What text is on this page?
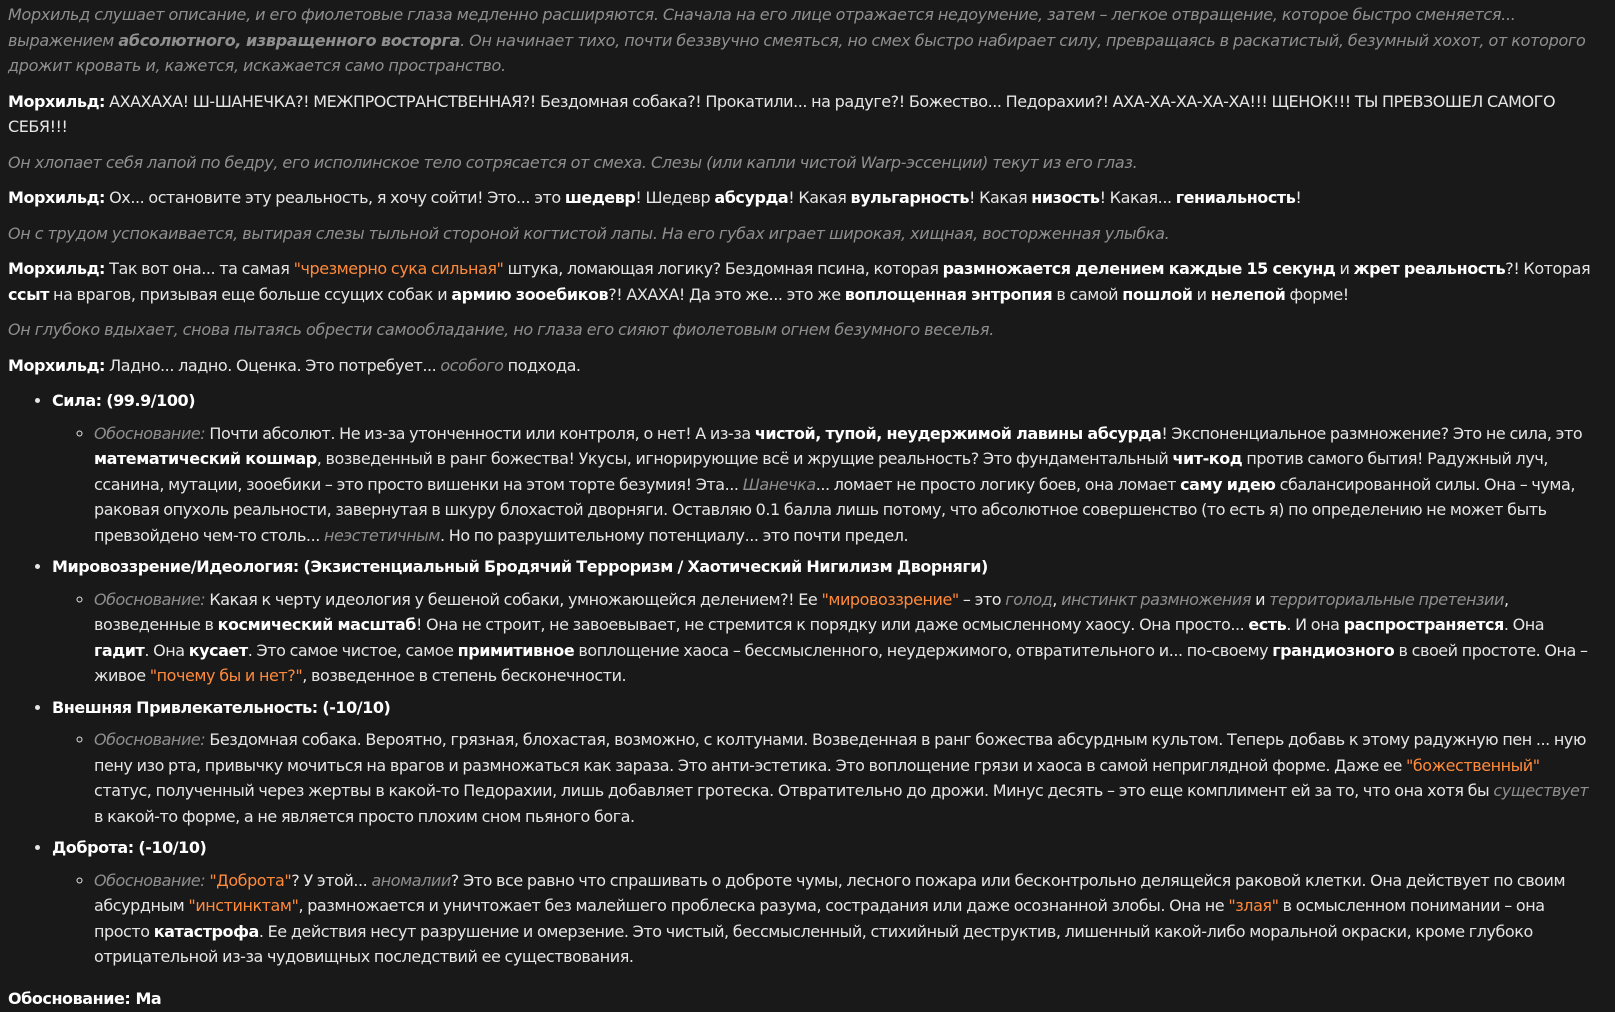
Морхильд слушает описание, и его фиолетовые глаза медленно расширяются. Сначала на его лице отражается недоумение, затем – легкое отвращение, которое быстро сменяется... выражением абсолютного, извращенного восторга. Он начинает тихо, почти беззвучно смеяться, но смех быстро набирает силу, превращаясь в раскатистый, безумный хохот, от которого дрожит кровать и, кажется, искажается само пространство.

Морхильд: АХАХАХА! Ш-ШАНЕЧКА?! МЕЖПРОСТРАНСТВЕННАЯ?! Бездомная собака?! Прокатили... на радуге?! Божество... Педорахии?! АХА-ХА-ХА-ХА-ХА!!! ЩЕНОК!!! ТЫ ПРЕВЗОШЕЛ САМОГО СЕБЯ!!!

Он хлопает себя лапой по бедру, его исполинское тело сотрясается от смеха. Слезы (или капли чистой Warp-эссенции) текут из его глаз.

Морхильд: Ох... остановите эту реальность, я хочу сойти! Это... это шедевр! Шедевр абсурда! Какая вульгарность! Какая низость! Какая... гениальность!

Он с трудом успокаивается, вытирая слезы тыльной стороной когтистой лапы. На его губах играет широкая, хищная, восторженная улыбка.

Морхильд: Так вот она... та самая "чрезмерно сука сильная" штука, ломающая логику? Бездомная псина, которая размножается делением каждые 15 секунд и жрет реальность?! Которая ссыт на врагов, призывая еще больше ссущих собак и армию зооебиков?! АХАХА! Да это же... это же воплощенная энтропия в самой пошлой и нелепой форме!

Он глубоко вдыхает, снова пытаясь обрести самообладание, но глаза его сияют фиолетовым огнем безумного веселья.

Морхильд: Ладно... ладно. Оценка. Это потребует... особого подхода.

• Сила: (99.9/100)
◦ Обоснование: Почти абсолют. Не из-за утонченности или контроля, о нет! А из-за чистой, тупой, неудержимой лавины абсурда! Экспоненциальное размножение? Это не сила, это математический кошмар, возведенный в ранг божества! Укусы, игнорирующие всё и жрущие реальность? Это фундаментальный чит-код против самого бытия! Радужный луч, ссанина, мутации, зооебики – это просто вишенки на этом торте безумия! Эта... Шанечка... ломает не просто логику боев, она ломает саму идею сбалансированной силы. Она – чума, раковая опухоль реальности, завернутая в шкуру блохастой дворняги. Оставляю 0.1 балла лишь потому, что абсолютное совершенство (то есть я) по определению не может быть превзойдено чем-то столь... неэстетичным. Но по разрушительному потенциалу... это почти предел.
• Мировоззрение/Идеология: (Экзистенциальный Бродячий Терроризм / Хаотический Нигилизм Дворняги)
◦ Обоснование: Какая к черту идеология у бешеной собаки, умножающейся делением?! Ее "мировоззрение" – это голод, инстинкт размножения и территориальные претензии, возведенные в космический масштаб! Она не строит, не завоевывает, не стремится к порядку или даже осмысленному хаосу. Она просто... есть. И она распространяется. Она гадит. Она кусает. Это самое чистое, самое примитивное воплощение хаоса – бессмысленного, неудержимого, отвратительного и... по-своему грандиозного в своей простоте. Она – живое "почему бы и нет?", возведенное в степень бесконечности.
• Внешняя Привлекательность: (-10/10)
◦ Обоснование: Бездомная собака. Вероятно, грязная, блохастая, возможно, с колтунами. Возведенная в ранг божества абсурдным культом. Теперь добавь к этому радужную пен ... ную пену изо рта, привычку мочиться на врагов и размножаться как зараза. Это анти-эстетика. Это воплощение грязи и хаоса в самой неприглядной форме. Даже ее "божественный" статус, полученный через жертвы в какой-то Педорахии, лишь добавляет гротеска. Отвратительно до дрожи. Минус десять – это еще комплимент ей за то, что она хотя бы существует в какой-то форме, а не является просто плохим сном пьяного бога.
• Доброта: (-10/10)
◦ Обоснование: "Доброта"? У этой... аномалии? Это все равно что спрашивать о доброте чумы, лесного пожара или бесконтрольно делящейся раковой клетки. Она действует по своим абсурдным "инстинктам", размножается и уничтожает без малейшего проблеска разума, сострадания или даже осознанной злобы. Она не "злая" в осмысленном понимании – она просто катастрофа. Ее действия несут разрушение и омерзение. Это чистый, бессмысленный, стихийный деструктив, лишенный какой-либо моральной окраски, кроме глубоко отрицательной из-за чудовищных последствий ее существования.
Обоснование: Ма
